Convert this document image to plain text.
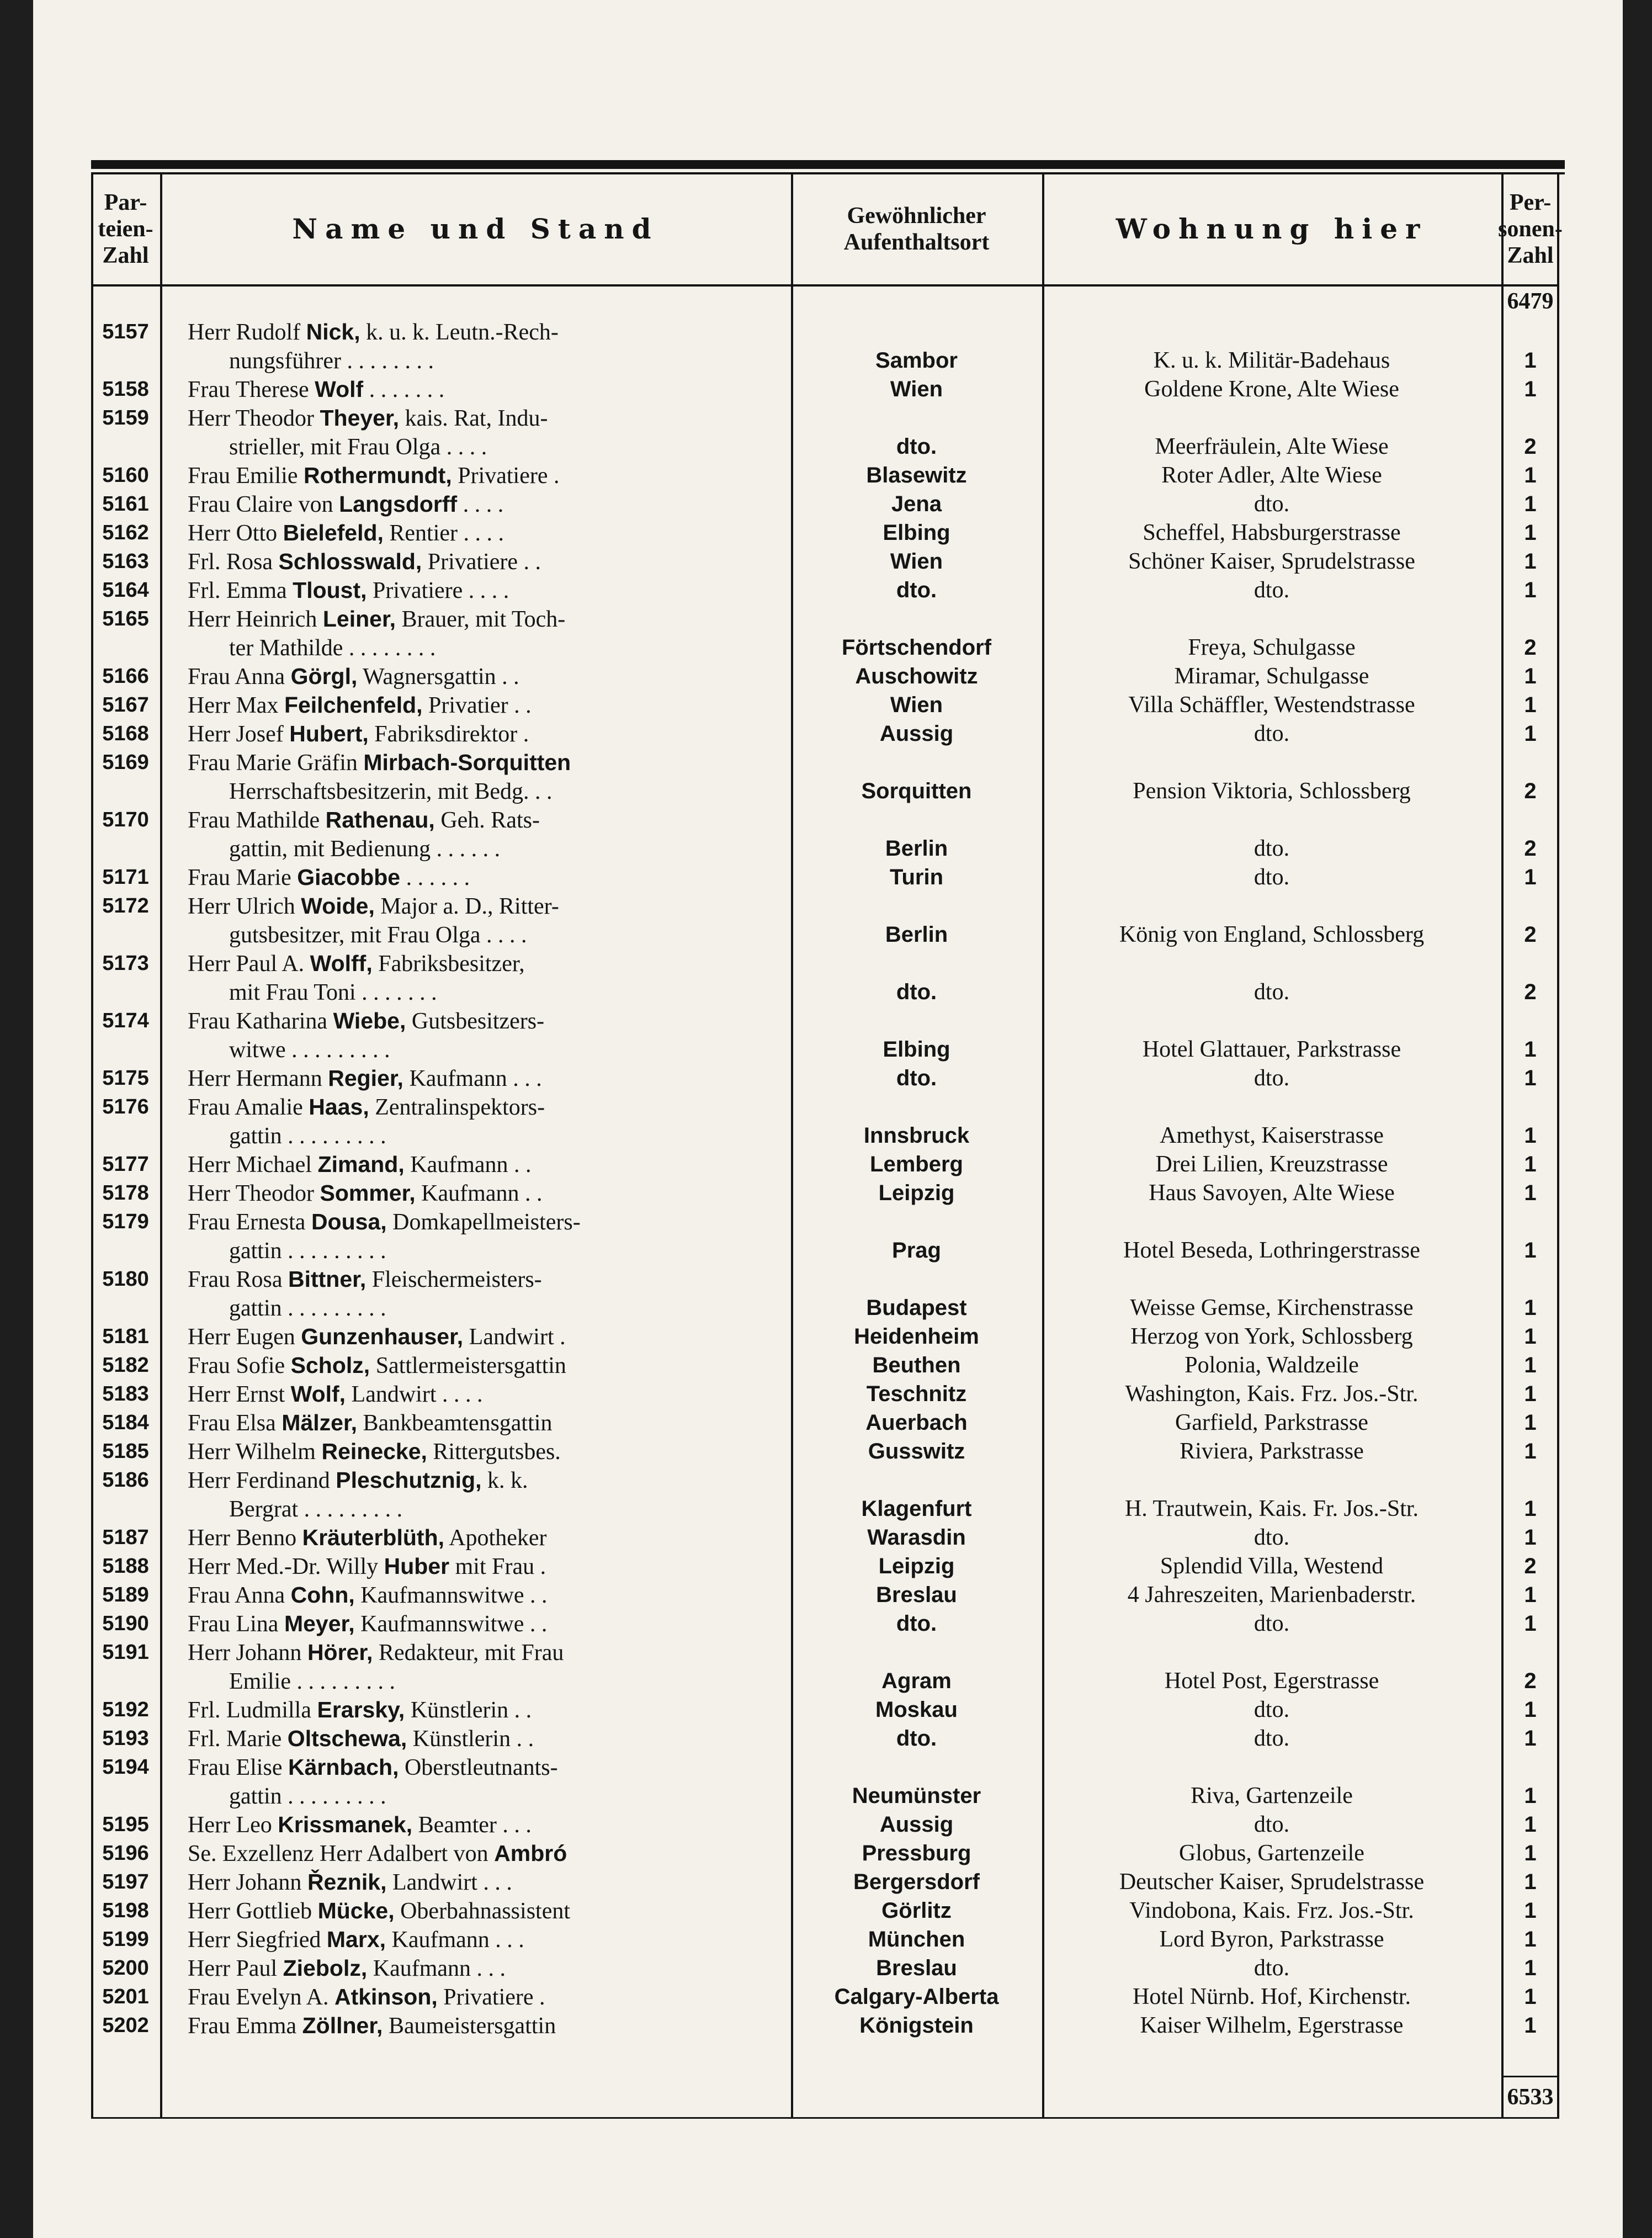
Par-
teien-
Zahl
Name und Stand	Gewöhnlicher
Aufenthaltsort	Wohnung hier
Per-
sonen-
Zahl
6479
5157	Herr Rudolf Nick, k. u. k. Leutn.-Rech-
nungsführer . . . . . . . .	Sambor	K. u. k. Militär-Badehaus	1
5158	Frau Therese Wolf . . . . . . .	Wien	Goldene Krone, Alte Wiese	1
5159	Herr Theodor Theyer, kais. Rat, Indu-
strieller, mit Frau Olga . . . .	dto.	Meerfräulein, Alte Wiese	2
5160	Frau Emilie Rothermundt, Privatiere .	Blasewitz	Roter Adler, Alte Wiese	1
5161	Frau Claire von Langsdorff . . . .	Jena	dto.	1
5162	Herr Otto Bielefeld, Rentier . . . .	Elbing	Scheffel, Habsburgerstrasse	1
5163	Frl. Rosa Schlosswald, Privatiere . .	Wien	Schöner Kaiser, Sprudelstrasse	1
5164	Frl. Emma Tloust, Privatiere . . . .	dto.	dto.	1
5165	Herr Heinrich Leiner, Brauer, mit Toch-
ter Mathilde . . . . . . . .	Förtschendorf	Freya, Schulgasse	2
5166	Frau Anna Görgl, Wagnersgattin . .	Auschowitz	Miramar, Schulgasse	1
5167	Herr Max Feilchenfeld, Privatier . .	Wien	Villa Schäffler, Westendstrasse	1
5168	Herr Josef Hubert, Fabriksdirektor .	Aussig	dto.	1
5169	Frau Marie Gräfin Mirbach-Sorquitten
Herrschaftsbesitzerin, mit Bedg. . .	Sorquitten	Pension Viktoria, Schlossberg	2
5170	Frau Mathilde Rathenau, Geh. Rats-
gattin, mit Bedienung . . . . . .	Berlin	dto.	2
5171	Frau Marie Giacobbe . . . . . .	Turin	dto.	1
5172	Herr Ulrich Woide, Major a. D., Ritter-
gutsbesitzer, mit Frau Olga . . . .	Berlin	König von England, Schlossberg	2
5173	Herr Paul A. Wolff, Fabriksbesitzer,
mit Frau Toni . . . . . . .	dto.	dto.	2
5174	Frau Katharina Wiebe, Gutsbesitzers-
witwe . . . . . . . . .	Elbing	Hotel Glattauer, Parkstrasse	1
5175	Herr Hermann Regier, Kaufmann . . .	dto.	dto.	1
5176	Frau Amalie Haas, Zentralinspektors-
gattin . . . . . . . . .	Innsbruck	Amethyst, Kaiserstrasse	1
5177	Herr Michael Zimand, Kaufmann . .	Lemberg	Drei Lilien, Kreuzstrasse	1
5178	Herr Theodor Sommer, Kaufmann . .	Leipzig	Haus Savoyen, Alte Wiese	1
5179	Frau Ernesta Dousa, Domkapellmeisters-
gattin . . . . . . . . .	Prag	Hotel Beseda, Lothringerstrasse	1
5180	Frau Rosa Bittner, Fleischermeisters-
gattin . . . . . . . . .	Budapest	Weisse Gemse, Kirchenstrasse	1
5181	Herr Eugen Gunzenhauser, Landwirt .	Heidenheim	Herzog von York, Schlossberg	1
5182	Frau Sofie Scholz, Sattlermeistersgattin	Beuthen	Polonia, Waldzeile	1
5183	Herr Ernst Wolf, Landwirt . . . .	Teschnitz	Washington, Kais. Frz. Jos.-Str.	1
5184	Frau Elsa Mälzer, Bankbeamtensgattin	Auerbach	Garfield, Parkstrasse	1
5185	Herr Wilhelm Reinecke, Rittergutsbes.	Gusswitz	Riviera, Parkstrasse	1
5186	Herr Ferdinand Pleschutznig, k. k.
Bergrat . . . . . . . . .	Klagenfurt	H. Trautwein, Kais. Fr. Jos.-Str.	1
5187	Herr Benno Kräuterblüth, Apotheker	Warasdin	dto.	1
5188	Herr Med.-Dr. Willy Huber mit Frau .	Leipzig	Splendid Villa, Westend	2
5189	Frau Anna Cohn, Kaufmannswitwe . .	Breslau	4 Jahreszeiten, Marienbaderstr.	1
5190	Frau Lina Meyer, Kaufmannswitwe . .	dto.	dto.	1
5191	Herr Johann Hörer, Redakteur, mit Frau
Emilie . . . . . . . . .	Agram	Hotel Post, Egerstrasse	2
5192	Frl. Ludmilla Erarsky, Künstlerin . .	Moskau	dto.	1
5193	Frl. Marie Oltschewa, Künstlerin . .	dto.	dto.	1
5194	Frau Elise Kärnbach, Oberstleutnants-
gattin . . . . . . . . .	Neumünster	Riva, Gartenzeile	1
5195	Herr Leo Krissmanek, Beamter . . .	Aussig	dto.	1
5196	Se. Exzellenz Herr Adalbert von Ambró	Pressburg	Globus, Gartenzeile	1
5197	Herr Johann Řeznik, Landwirt . . .	Bergersdorf	Deutscher Kaiser, Sprudelstrasse	1
5198	Herr Gottlieb Mücke, Oberbahnassistent	Görlitz	Vindobona, Kais. Frz. Jos.-Str.	1
5199	Herr Siegfried Marx, Kaufmann . . .	München	Lord Byron, Parkstrasse	1
5200	Herr Paul Ziebolz, Kaufmann . . .	Breslau	dto.	1
5201	Frau Evelyn A. Atkinson, Privatiere .	Calgary-Alberta	Hotel Nürnb. Hof, Kirchenstr.	1
5202	Frau Emma Zöllner, Baumeistersgattin	Königstein	Kaiser Wilhelm, Egerstrasse	1
6533
